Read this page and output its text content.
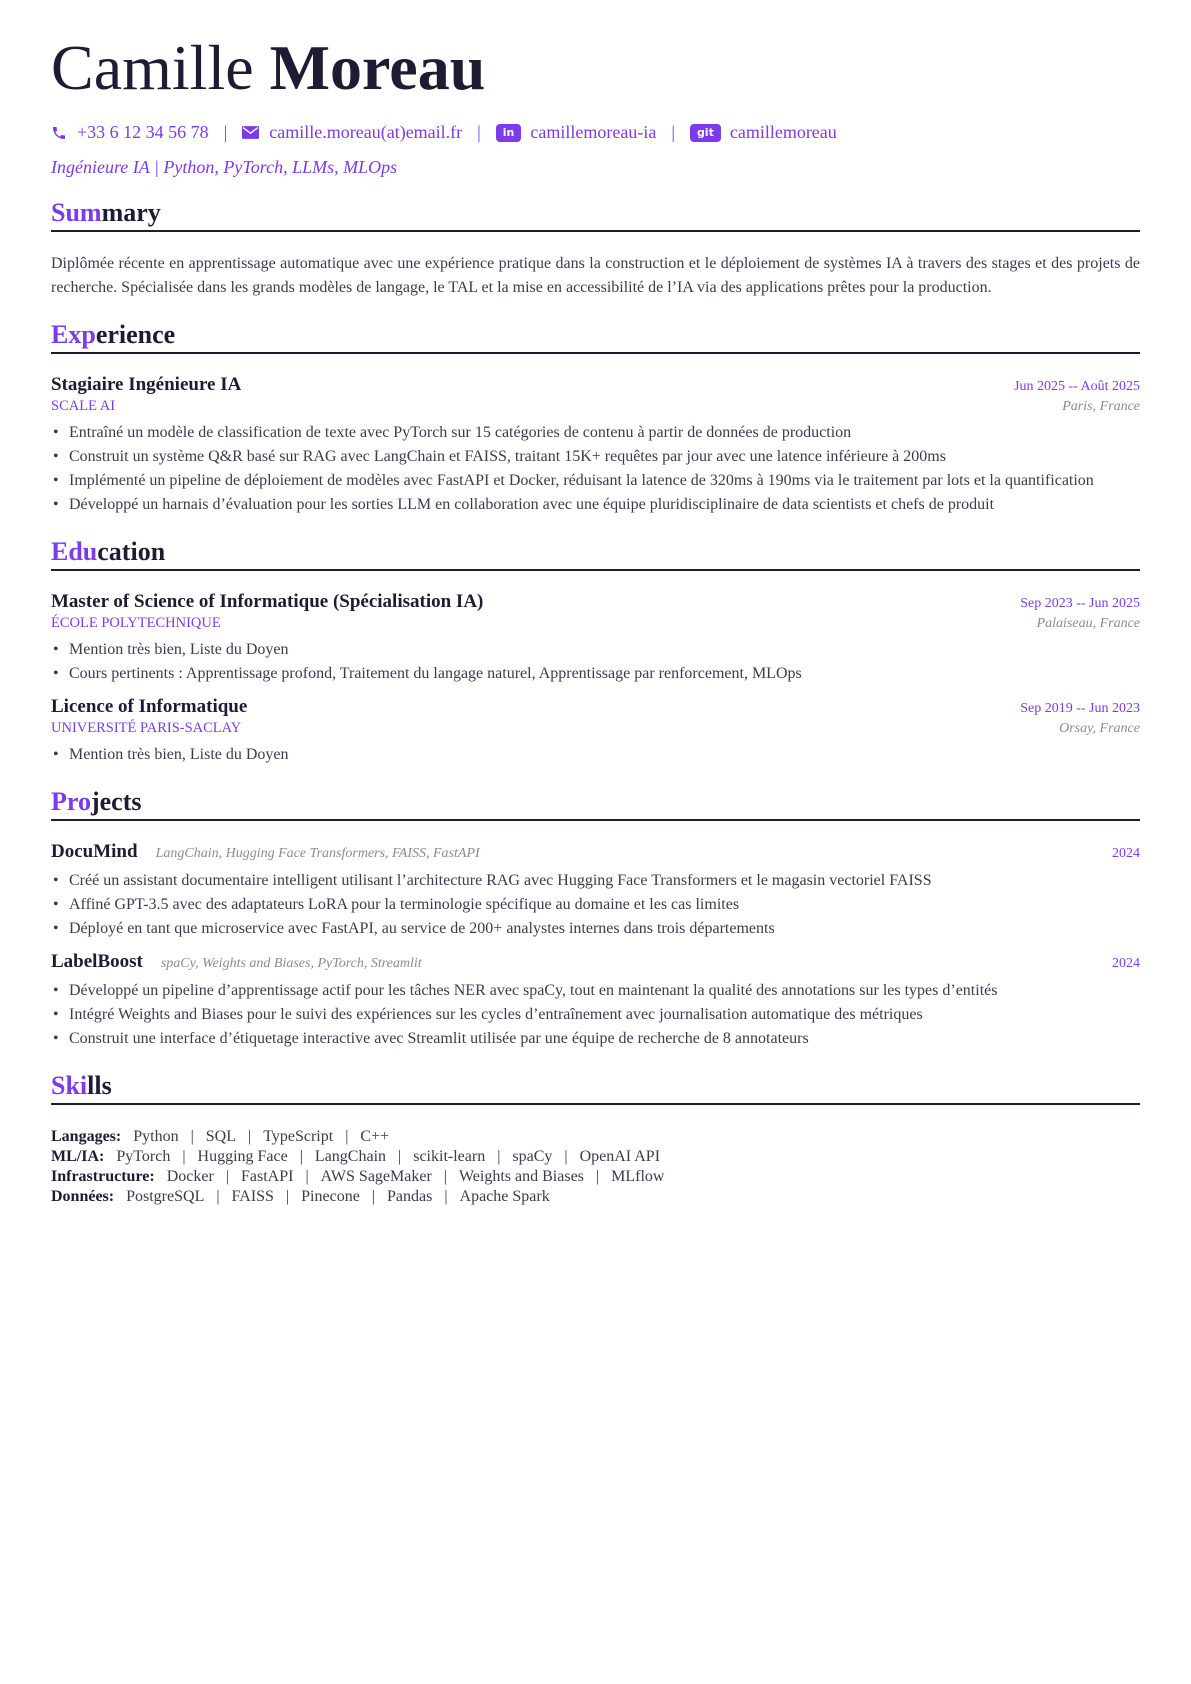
Camille Moreau
+33 6 12 34 56 78 | camille.moreau(at)email.fr |	in camillemoreau-ia |	git camillemoreau
Ingénieure IA | Python, PyTorch, LLMs, MLOps
Summary
Diplômée récente en apprentissage automatique avec une expérience pratique dans la construction et le déploiement de systèmes IA à travers des stages et des projets de recherche. Spécialisée dans les grands modèles de langage, le TAL et la mise en accessibilité de l’IA via des applications prêtes pour la production.
Experience
Stagiaire Ingénieure IA	Jun 2025 -- Août 2025
SCALE AI	Paris, France
• Entraîné un modèle de classification de texte avec PyTorch sur 15 catégories de contenu à partir de données de production
• Construit un système Q&R basé sur RAG avec LangChain et FAISS, traitant 15K+ requêtes par jour avec une latence inférieure à 200ms
• Implémenté un pipeline de déploiement de modèles avec FastAPI et Docker, réduisant la latence de 320ms à 190ms via le traitement par lots et la quantification
• Développé un harnais d’évaluation pour les sorties LLM en collaboration avec une équipe pluridisciplinaire de data scientists et chefs de produit
Education
Master of Science of Informatique (Spécialisation IA)	Sep 2023 -- Jun 2025
ÉCOLE POLYTECHNIQUE	Palaiseau, France
• Mention très bien, Liste du Doyen
• Cours pertinents : Apprentissage profond, Traitement du langage naturel, Apprentissage par renforcement, MLOps
Licence of Informatique	Sep 2019 -- Jun 2023
UNIVERSITÉ PARIS-SACLAY	Orsay, France
• Mention très bien, Liste du Doyen
Projects
DocuMind LangChain, Hugging Face Transformers, FAISS, FastAPI	2024
• Créé un assistant documentaire intelligent utilisant l’architecture RAG avec Hugging Face Transformers et le magasin vectoriel FAISS
• Affiné GPT-3.5 avec des adaptateurs LoRA pour la terminologie spécifique au domaine et les cas limites
• Déployé en tant que microservice avec FastAPI, au service de 200+ analystes internes dans trois départements
LabelBoost spaCy, Weights and Biases, PyTorch, Streamlit	2024
• Développé un pipeline d’apprentissage actif pour les tâches NER avec spaCy, tout en maintenant la qualité des annotations sur les types d’entités
• Intégré Weights and Biases pour le suivi des expériences sur les cycles d’entraînement avec journalisation automatique des métriques
• Construit une interface d’étiquetage interactive avec Streamlit utilisée par une équipe de recherche de 8 annotateurs
Skills
Langages: Python | SQL | TypeScript | C++
ML/IA: PyTorch | Hugging Face | LangChain | scikit-learn | spaCy | OpenAI API
Infrastructure: Docker | FastAPI | AWS SageMaker | Weights and Biases | MLflow
Données: PostgreSQL | FAISS | Pinecone | Pandas | Apache Spark
